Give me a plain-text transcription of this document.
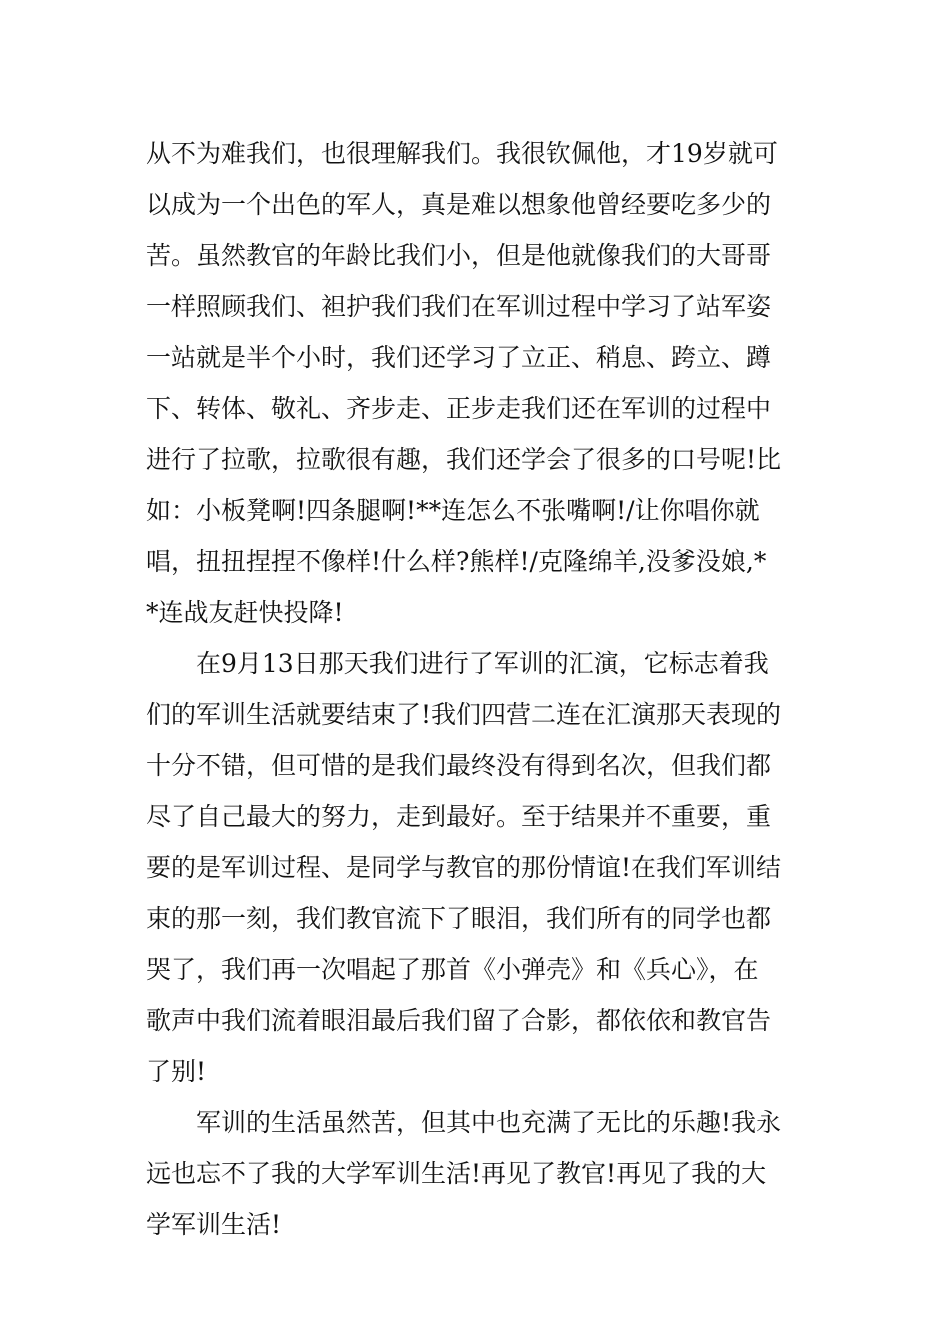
从不为难我们，也很理解我们。我很钦佩他，才19岁就可
以成为一个出色的军人，真是难以想象他曾经要吃多少的
苦。虽然教官的年龄比我们小，但是他就像我们的大哥哥
一样照顾我们、袒护我们我们在军训过程中学习了站军姿
一站就是半个小时，我们还学习了立正、稍息、跨立、蹲
下、转体、敬礼、齐步走、正步走我们还在军训的过程中
进行了拉歌，拉歌很有趣，我们还学会了很多的口号呢!比
如：小板凳啊!四条腿啊!**连怎么不张嘴啊!/让你唱你就
唱，扭扭捏捏不像样!什么样?熊样!/克隆绵羊,没爹没娘,*
*连战友赶快投降!

　　在9月13日那天我们进行了军训的汇演，它标志着我
们的军训生活就要结束了!我们四营二连在汇演那天表现的
十分不错，但可惜的是我们最终没有得到名次，但我们都
尽了自己最大的努力，走到最好。至于结果并不重要，重
要的是军训过程、是同学与教官的那份情谊!在我们军训结
束的那一刻，我们教官流下了眼泪，我们所有的同学也都
哭了，我们再一次唱起了那首《小弹壳》和《兵心》，在
歌声中我们流着眼泪最后我们留了合影，都依依和教官告
了别!

　　军训的生活虽然苦，但其中也充满了无比的乐趣!我永
远也忘不了我的大学军训生活!再见了教官!再见了我的大
学军训生活!
